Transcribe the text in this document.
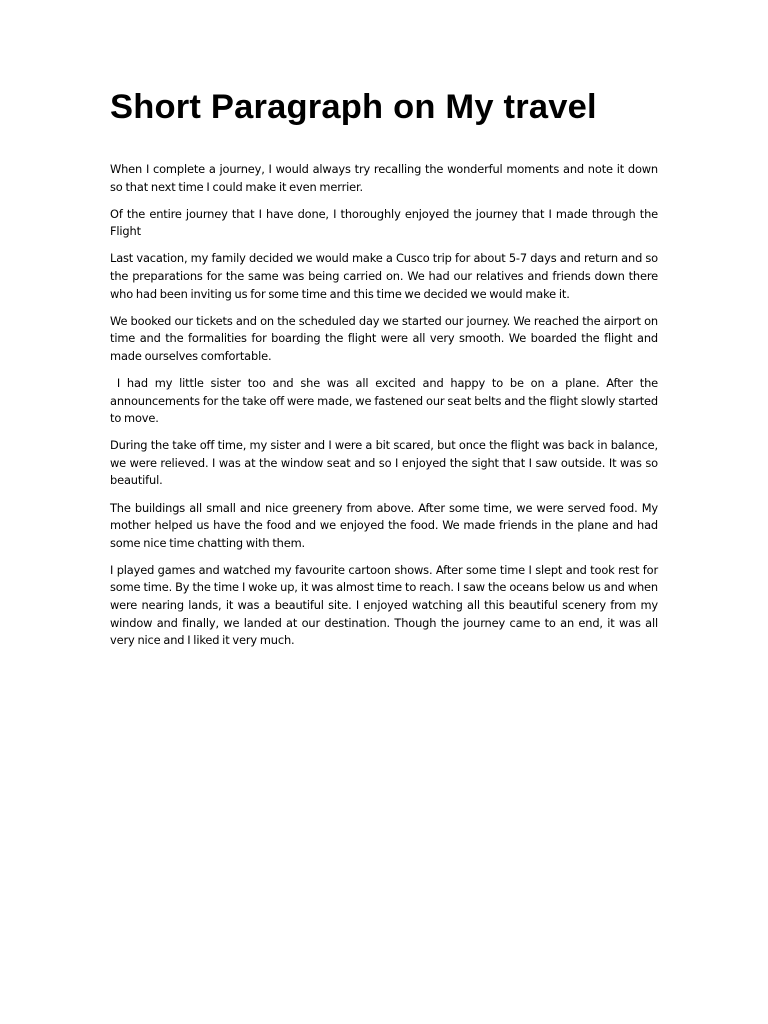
Short Paragraph on My travel

When I complete a journey, I would always try recalling the wonderful moments and note it down so that next time I could make it even merrier.

Of the entire journey that I have done, I thoroughly enjoyed the journey that I made through the Flight

Last vacation, my family decided we would make a Cusco trip for about 5-7 days and return and so the preparations for the same was being carried on. We had our relatives and friends down there who had been inviting us for some time and this time we decided we would make it.

We booked our tickets and on the scheduled day we started our journey. We reached the airport on time and the formalities for boarding the flight were all very smooth. We boarded the flight and made ourselves comfortable.

I had my little sister too and she was all excited and happy to be on a plane. After the announcements for the take off were made, we fastened our seat belts and the flight slowly started to move.

During the take off time, my sister and I were a bit scared, but once the flight was back in balance, we were relieved. I was at the window seat and so I enjoyed the sight that I saw outside. It was so beautiful.

The buildings all small and nice greenery from above. After some time, we were served food. My mother helped us have the food and we enjoyed the food. We made friends in the plane and had some nice time chatting with them.

I played games and watched my favourite cartoon shows. After some time I slept and took rest for some time. By the time I woke up, it was almost time to reach. I saw the oceans below us and when were nearing lands, it was a beautiful site. I enjoyed watching all this beautiful scenery from my window and finally, we landed at our destination. Though the journey came to an end, it was all very nice and I liked it very much.
